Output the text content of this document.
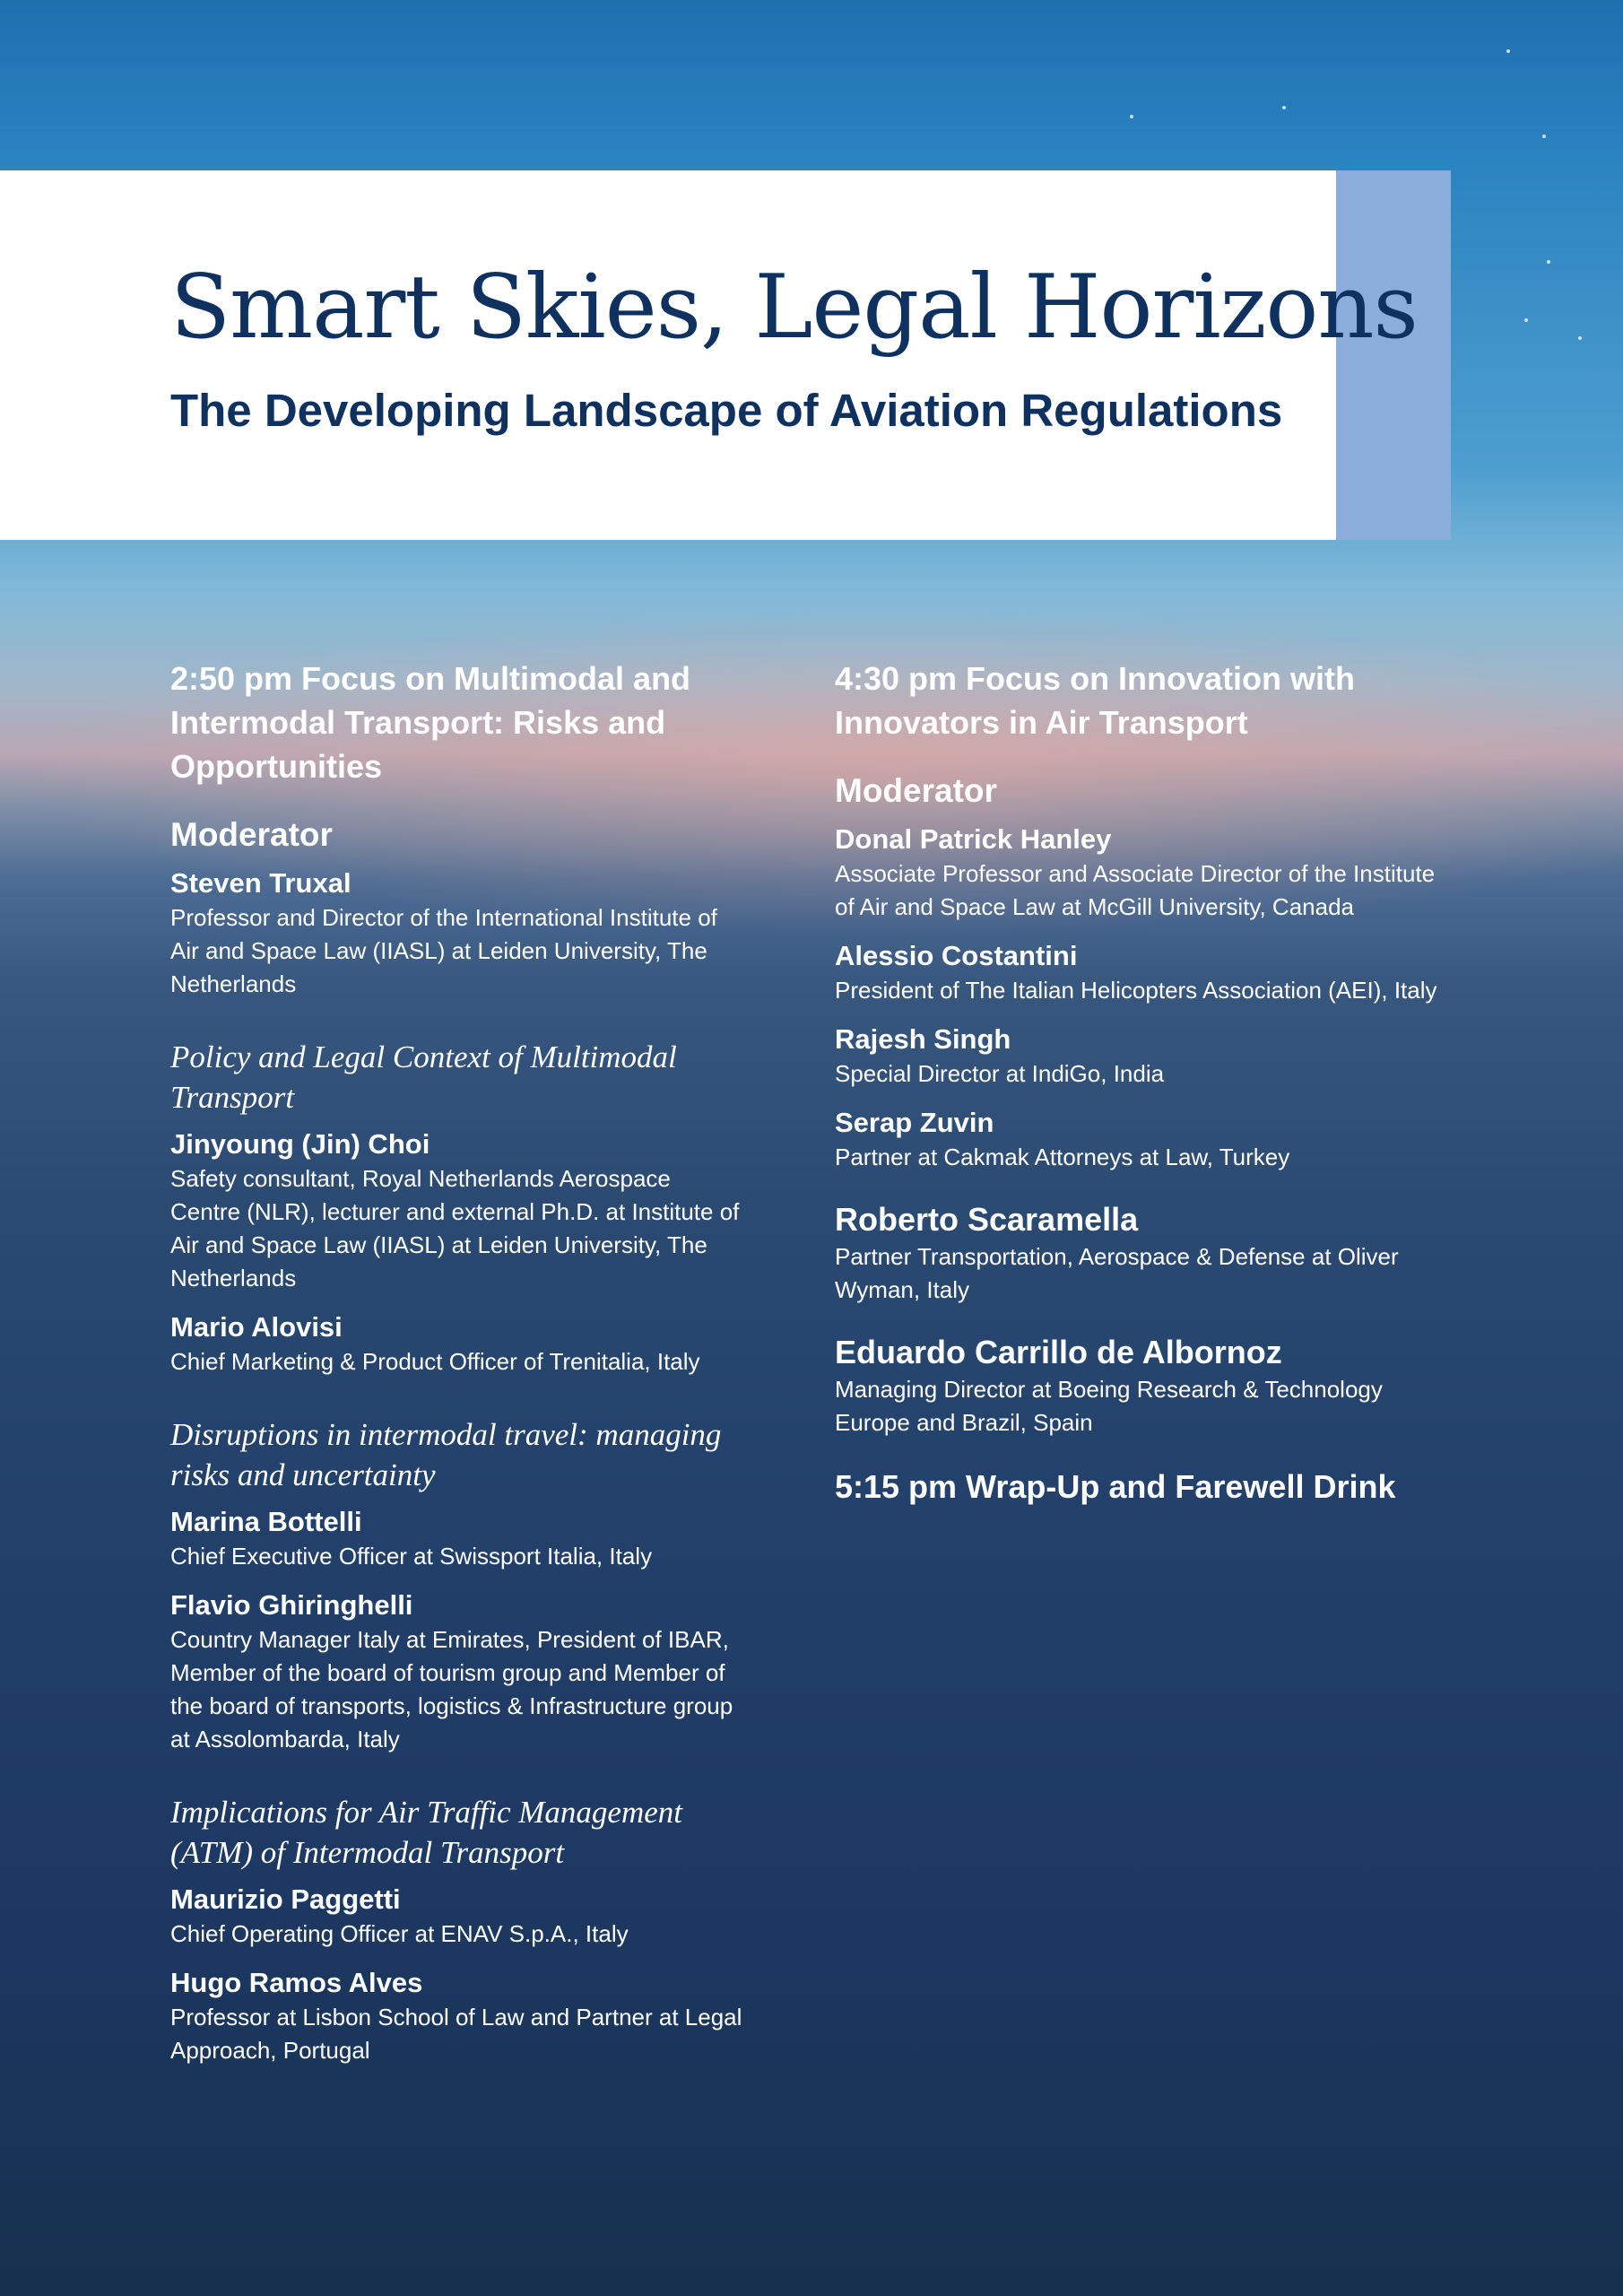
Smart Skies, Legal Horizons
The Developing Landscape of Aviation Regulations

2:50 pm Focus on Multimodal and Intermodal Transport: Risks and Opportunities

Moderator

Steven Truxal

Professor and Director of the International Institute of Air and Space Law (IIASL) at Leiden University, The Netherlands

Policy and Legal Context of Multimodal Transport

Jinyoung (Jin) Choi

Safety consultant, Royal Netherlands Aerospace Centre (NLR), lecturer and external Ph.D. at Institute of Air and Space Law (IIASL) at Leiden University, The Netherlands

Mario Alovisi

Chief Marketing & Product Officer of Trenitalia, Italy

Disruptions in intermodal travel: managing risks and uncertainty

Marina Bottelli

Chief Executive Officer at Swissport Italia, Italy

Flavio Ghiringhelli

Country Manager Italy at Emirates, President of IBAR, Member of the board of tourism group and Member of the board of transports, logistics & Infrastructure group at Assolombarda, Italy

Implications for Air Traffic Management (ATM) of Intermodal Transport

Maurizio Paggetti

Chief Operating Officer at ENAV S.p.A., Italy

Hugo Ramos Alves

Professor at Lisbon School of Law and Partner at Legal Approach, Portugal

4:30 pm Focus on Innovation with Innovators in Air Transport

Moderator

Donal Patrick Hanley

Associate Professor and Associate Director of the Institute of Air and Space Law at McGill University, Canada

Alessio Costantini

President of The Italian Helicopters Association (AEI), Italy

Rajesh Singh

Special Director at IndiGo, India

Serap Zuvin

Partner at Cakmak Attorneys at Law, Turkey

Roberto Scaramella

Partner Transportation, Aerospace & Defense at Oliver Wyman, Italy

Eduardo Carrillo de Albornoz

Managing Director at Boeing Research & Technology Europe and Brazil, Spain

5:15 pm Wrap-Up and Farewell Drink
